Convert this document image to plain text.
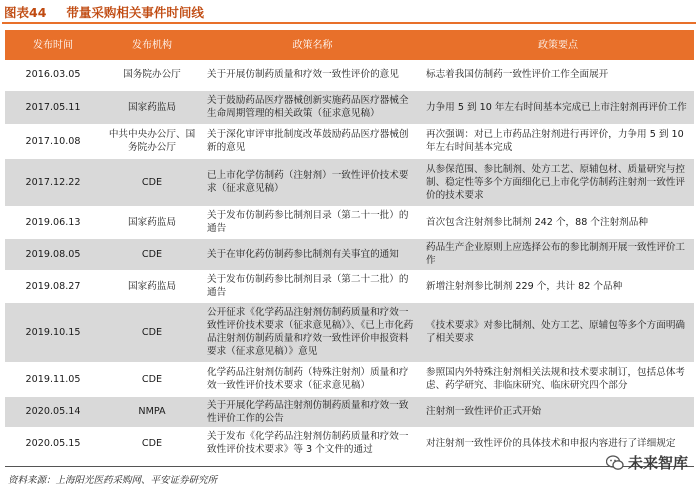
图表44 带量采购相关事件时间线
发布时间	发布机构	政策名称	政策要点
2016.03.05	国务院办公厅	关于开展仿制药质量和疗效一致性评价的意见	标志着我国仿制药一致性评价工作全面展开
2017.05.11	国家药监局	关于鼓励药品医疗器械创新实施药品医疗器械全生命周期管理的相关政策（征求意见稿）	力争用 5 到 10 年左右时间基本完成已上市注射剂再评价工作
2017.10.08	中共中央办公厅、国务院办公厅	关于深化审评审批制度改革鼓励药品医疗器械创新的意见	再次强调：对已上市药品注射剂进行再评价，力争用 5 到 10 年左右时间基本完成
2017.12.22	CDE	已上市化学仿制药（注射剂）一致性评价技术要求（征求意见稿）	从参保范围、参比制剂、处方工艺、原辅包材、质量研究与控制、稳定性等多个方面细化已上市化学仿制药注射剂一致性评价的技术要求
2019.06.13	国家药监局	关于发布仿制药参比制剂目录（第二十一批）的通告	首次包含注射剂参比制剂 242 个，88 个注射剂品种
2019.08.05	CDE	关于在审化药仿制药参比制剂有关事宜的通知	药品生产企业原则上应选择公布的参比制剂开展一致性评价工作
2019.08.27	国家药监局	关于发布仿制药参比制剂目录（第二十二批）的通告	新增注射剂参比制剂 229 个，共计 82 个品种
2019.10.15	CDE	公开征求《化学药品注射剂仿制药质量和疗效一致性评价技术要求（征求意见稿）》、《已上市化药品注射剂仿制药质量和疗效一致性评价申报资料要求（征求意见稿）》意见	《技术要求》对参比制剂、处方工艺、原辅包等多个方面明确了相关要求
2019.11.05	CDE	化学药品注射剂仿制药（特殊注射剂）质量和疗效一致性评价技术要求（征求意见稿）	参照国内外特殊注射剂相关法规和技术要求制订，包括总体考虑、药学研究、非临床研究、临床研究四个部分
2020.05.14	NMPA	关于开展化学药品注射剂仿制药质量和疗效一致性评价工作的公告	注射剂一致性评价正式开始
2020.05.15	CDE	关于发布《化学药品注射剂仿制药质量和疗效一致性评价技术要求》等 3 个文件的通过	对注射剂一致性评价的具体技术和申报内容进行了详细规定
资料来源：上海阳光医药采购网、平安证券研究所
未来智库
